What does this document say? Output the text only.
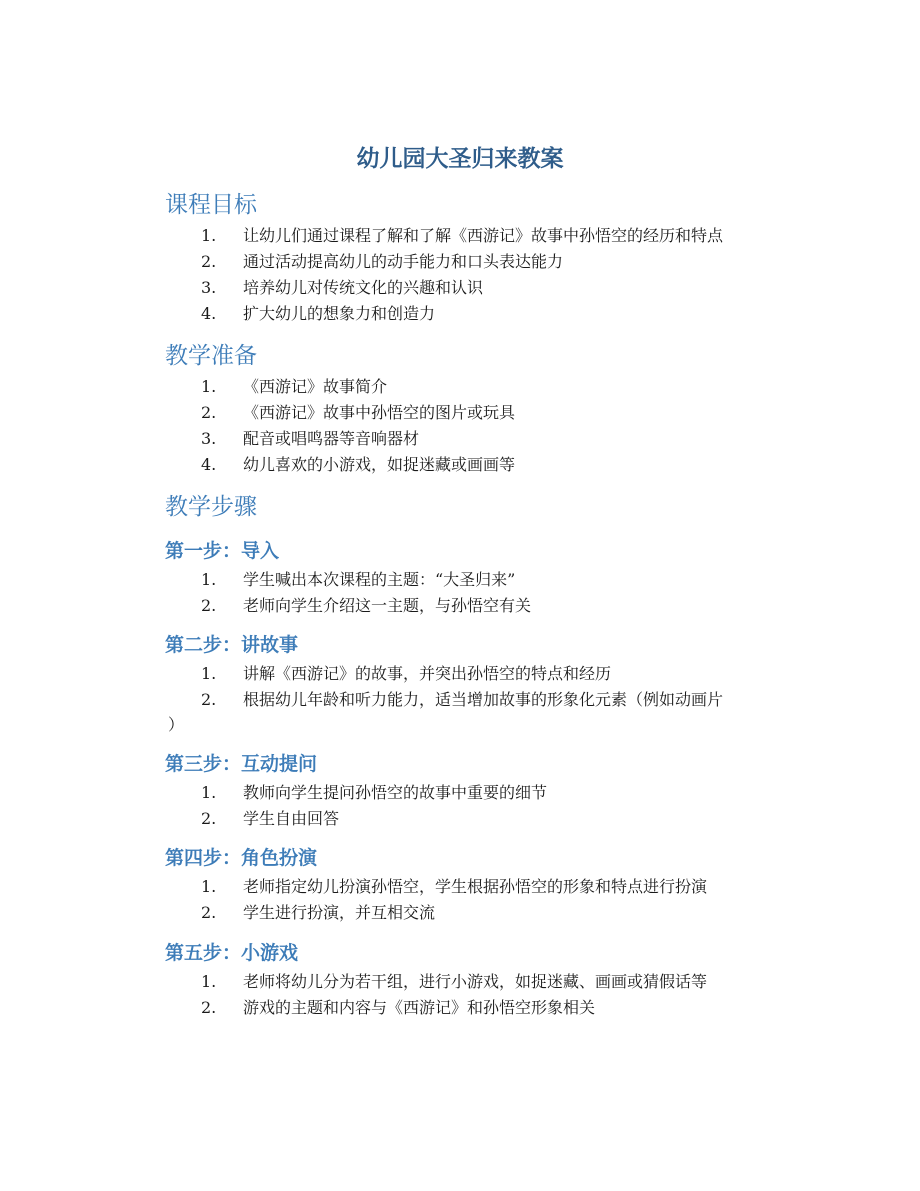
幼儿园大圣归来教案
课程目标
1.	让幼儿们通过课程了解和了解《西游记》故事中孙悟空的经历和特点
2.	通过活动提高幼儿的动手能力和口头表达能力
3.	培养幼儿对传统文化的兴趣和认识
4.	扩大幼儿的想象力和创造力
教学准备
1.	《西游记》故事简介
2.	《西游记》故事中孙悟空的图片或玩具
3.	配音或唱鸣器等音响器材
4.	幼儿喜欢的小游戏，如捉迷藏或画画等
教学步骤
第一步：导入
1.	学生喊出本次课程的主题：“大圣归来”
2.	老师向学生介绍这一主题，与孙悟空有关
第二步：讲故事
1.	讲解《西游记》的故事，并突出孙悟空的特点和经历
2.	根据幼儿年龄和听力能力，适当增加故事的形象化元素（例如动画片
）
第三步：互动提问
1.	教师向学生提问孙悟空的故事中重要的细节
2.	学生自由回答
第四步：角色扮演
1.	老师指定幼儿扮演孙悟空，学生根据孙悟空的形象和特点进行扮演
2.	学生进行扮演，并互相交流
第五步：小游戏
1.	老师将幼儿分为若干组，进行小游戏，如捉迷藏、画画或猜假话等
2.	游戏的主题和内容与《西游记》和孙悟空形象相关
